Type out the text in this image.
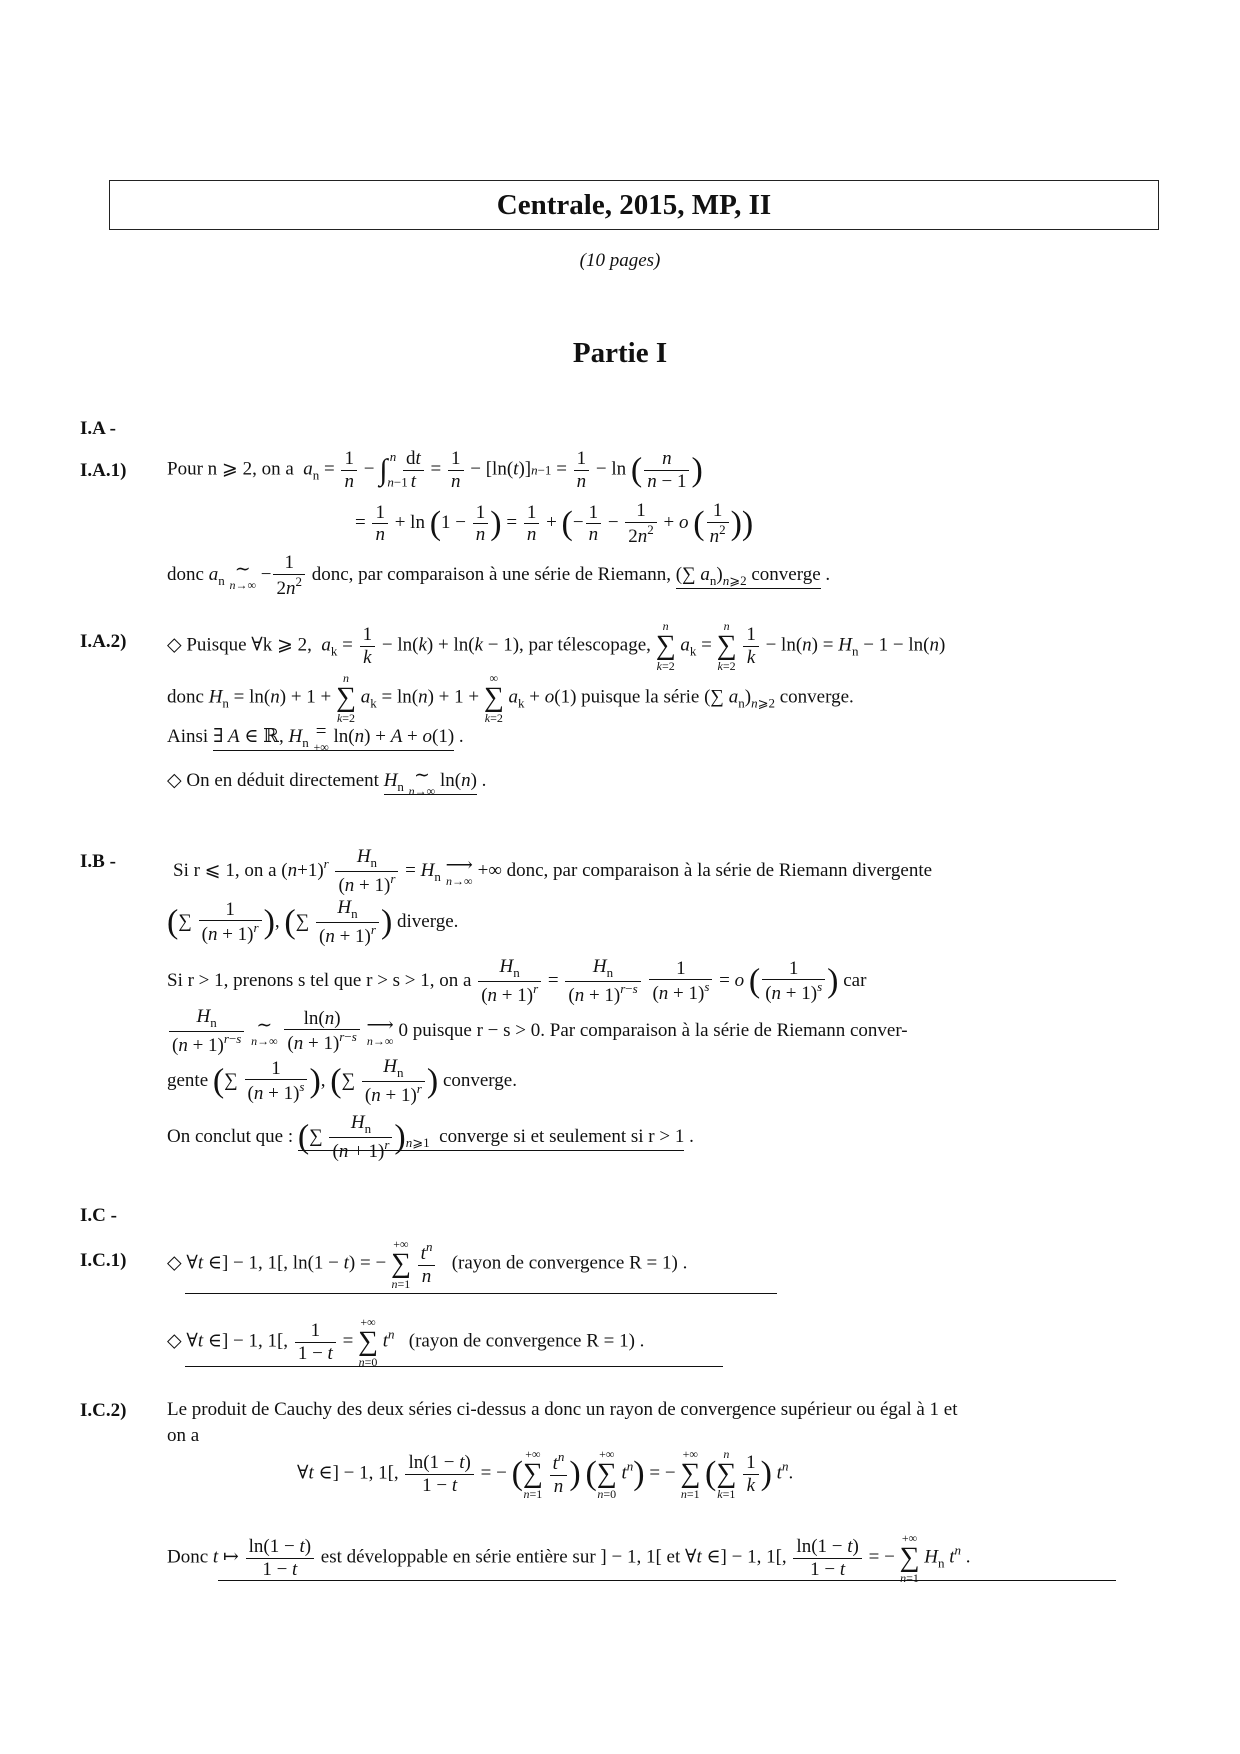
Centrale, 2015, MP, II
(10 pages)
Partie I
I.A -
I.A.1) Pour n ⩾ 2, on a $a_n = \frac{1}{n} - \int_{n-1}^n \frac{dt}{t} = \frac{1}{n} - [\ln(t)]n-1 = \frac{1}{n} - \ln$ ( $\frac{n}{n - 1}$ )
= $\frac{1}{n} + \ln (1 - \frac{1}{n}$ ) = $\frac{1}{n}$ + (− $\frac{1}{n} - \frac{1}{2n^2} + o$ ( $\frac{1}{n^2}$ ))
donc $a_n$ ∼
n→∞
− $\frac{1}{2n^2}$ donc, par comparaison à une série de Riemann, (∑ $a_n)_{n⩾2}$ converge .
I.A.2) ◇ Puisque ∀k ⩾ 2, $a_k = \frac{1}{k} - \ln(k) + \ln(k - 1)$, par télescopage,
n
∑
k=2
$a_k$ =
n
∑
k=2
$\frac{1}{k} - \ln(n) = H_n - 1 - \ln(n)$
donc $H_n = \ln(n) + 1$ +
n
∑
k=2
$a_k = \ln(n) + 1$ +
∞
∑
k=2
$a_k + o(1)$ puisque la série (∑ $a_n)_{n⩾2}$ converge.
Ainsi ∃ A ∈ ℝ, $H_n$ =
+∞
ln(n) + A + o(1) .
◇ On en déduit directement $H_n$ ∼
n→∞
ln(n) .
I.B -	Si r ⩽ 1, on a $(n+1)^r \frac{H_n}{(n + 1)^r} = H_n$ ⟶
n→∞
+∞ donc, par comparaison à la série de Riemann divergente
(∑ $\frac{1}{(n + 1)^r}$ ), (∑ $\frac{H_n}{(n + 1)^r}$ ) diverge.
Si r > 1, prenons s tel que r > s > 1, on a $\frac{H_n}{(n + 1)^r} = \frac{H_n}{(n + 1)^{r-s}}$
$\frac{1}{(n + 1)^s} = o$ ( $\frac{1}{(n + 1)^s}$ ) car
$\frac{H_n}{(n + 1)^{r-s}}$ ∼
n→∞
$\frac{\ln(n)}{(n + 1)^{r-s}}$ ⟶
n→∞
0 puisque r − s > 0. Par comparaison à la série de Riemann conver-
gente (∑ $\frac{1}{(n + 1)^s}$ ), (∑ $\frac{H_n}{(n + 1)^r}$ ) converge.
On conclut que : (∑ $\frac{H_n}{(n + 1)^r} )_{n⩾1}$ converge si et seulement si r > 1 .
I.C -
I.C.1) ◇ ∀t ∈] − 1, 1[, ln(1 − t) = −
+∞
∑
n=1
$\frac{t^n}{n}$ (rayon de convergence R = 1) .
◇ ∀t ∈] − 1, 1[, $\frac{1}{1 - t}$ =
+∞
∑
n=0
$t^n$ (rayon de convergence R = 1) .
I.C.2) Le produit de Cauchy des deux séries ci-dessus a donc un rayon de convergence supérieur ou égal à 1 et
on a
∀t ∈] − 1, 1[, $\frac{\ln(1 - t)}{1 - t}$ = − (
+∞
∑
n=1
$\frac{t^n}{n}$ ) (
+∞
∑
n=0
$t^n$) = −
+∞
∑
n=1
(
n
∑
k=1
$\frac{1}{k}$ ) $t^n$.
Donc t ↦ $\frac{\ln(1 - t)}{1 - t}$ est développable en série entière sur ] − 1, 1[ et ∀t ∈] − 1, 1[, $\frac{\ln(1 - t)}{1 - t}$ = −
+∞
∑
n=1
$H_n$ $t^n$ .
